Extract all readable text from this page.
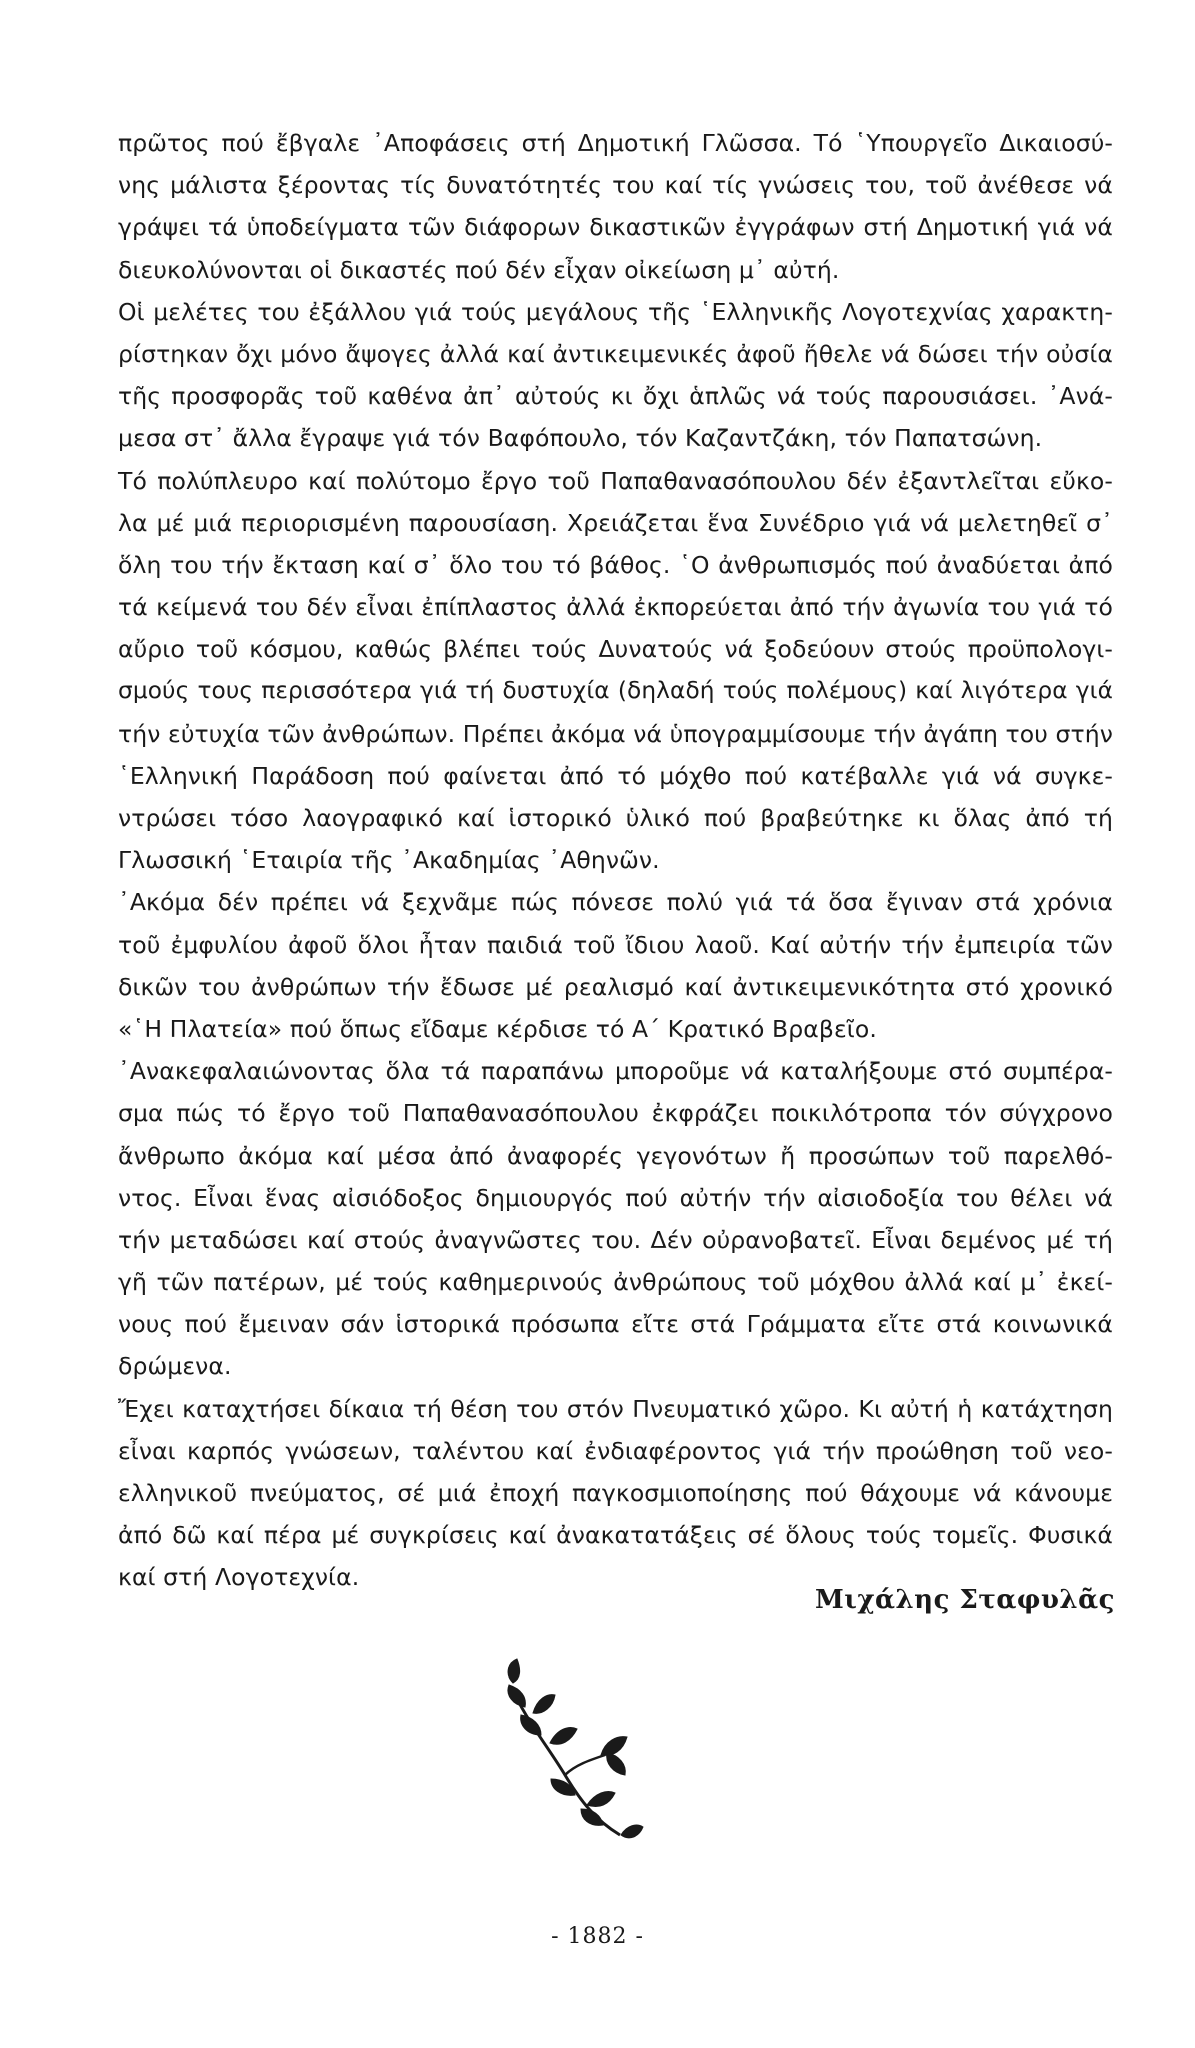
πρῶτος πού ἔβγαλε ᾿Αποφάσεις στή Δημοτική Γλῶσσα. Τό ῾Υπουργεῖο Δικαιοσύ-
νης μάλιστα ξέροντας τίς δυνατότητές του καί τίς γνώσεις του, τοῦ ἀνέθεσε νά
γράψει τά ὑποδείγματα τῶν διάφορων δικαστικῶν ἐγγράφων στή Δημοτική γιά νά
διευκολύνονται οἱ δικαστές πού δέν εἶχαν οἰκείωση μ᾿ αὐτή.
Οἱ μελέτες του ἐξάλλου γιά τούς μεγάλους τῆς ῾Ελληνικῆς Λογοτεχνίας χαρακτη-
ρίστηκαν ὄχι μόνο ἄψογες ἀλλά καί ἀντικειμενικές ἀφοῦ ἤθελε νά δώσει τήν οὐσία
τῆς προσφορᾶς τοῦ καθένα ἀπ᾿ αὐτούς κι ὄχι ἁπλῶς νά τούς παρουσιάσει. ᾿Ανά-
μεσα στ᾿ ἄλλα ἔγραψε γιά τόν Βαφόπουλο, τόν Καζαντζάκη, τόν Παπατσώνη.
Τό πολύπλευρο καί πολύτομο ἔργο τοῦ Παπαθανασόπουλου δέν ἐξαντλεῖται εὔκο-
λα μέ μιά περιορισμένη παρουσίαση. Χρειάζεται ἕνα Συνέδριο γιά νά μελετηθεῖ σ᾿
ὅλη του τήν ἔκταση καί σ᾿ ὅλο του τό βάθος. ῾Ο ἀνθρωπισμός πού ἀναδύεται ἀπό
τά κείμενά του δέν εἶναι ἐπίπλαστος ἀλλά ἐκπορεύεται ἀπό τήν ἀγωνία του γιά τό
αὔριο τοῦ κόσμου, καθώς βλέπει τούς Δυνατούς νά ξοδεύουν στούς προϋπολογι-
σμούς τους περισσότερα γιά τή δυστυχία (δηλαδή τούς πολέμους) καί λιγότερα γιά
τήν εὐτυχία τῶν ἀνθρώπων. Πρέπει ἀκόμα νά ὑπογραμμίσουμε τήν ἀγάπη του στήν
῾Ελληνική Παράδοση πού φαίνεται ἀπό τό μόχθο πού κατέβαλλε γιά νά συγκε-
ντρώσει τόσο λαογραφικό καί ἱστορικό ὑλικό πού βραβεύτηκε κι ὅλας ἀπό τή
Γλωσσική ῾Εταιρία τῆς ᾿Ακαδημίας ᾿Αθηνῶν.
᾿Ακόμα δέν πρέπει νά ξεχνᾶμε πώς πόνεσε πολύ γιά τά ὅσα ἔγιναν στά χρόνια
τοῦ ἐμφυλίου ἀφοῦ ὅλοι ἦταν παιδιά τοῦ ἴδιου λαοῦ. Καί αὐτήν τήν ἐμπειρία τῶν
δικῶν του ἀνθρώπων τήν ἔδωσε μέ ρεαλισμό καί ἀντικειμενικότητα στό χρονικό
«῾Η Πλατεία» πού ὅπως εἴδαμε κέρδισε τό Α΄ Κρατικό Βραβεῖο.
᾿Ανακεφαλαιώνοντας ὅλα τά παραπάνω μποροῦμε νά καταλήξουμε στό συμπέρα-
σμα πώς τό ἔργο τοῦ Παπαθανασόπουλου ἐκφράζει ποικιλότροπα τόν σύγχρονο
ἄνθρωπο ἀκόμα καί μέσα ἀπό ἀναφορές γεγονότων ἤ προσώπων τοῦ παρελθό-
ντος. Εἶναι ἕνας αἰσιόδοξος δημιουργός πού αὐτήν τήν αἰσιοδοξία του θέλει νά
τήν μεταδώσει καί στούς ἀναγνῶστες του. Δέν οὐρανοβατεῖ. Εἶναι δεμένος μέ τή
γῆ τῶν πατέρων, μέ τούς καθημερινούς ἀνθρώπους τοῦ μόχθου ἀλλά καί μ᾿ ἐκεί-
νους πού ἔμειναν σάν ἱστορικά πρόσωπα εἴτε στά Γράμματα εἴτε στά κοινωνικά
δρώμενα.
Ἔχει καταχτήσει δίκαια τή θέση του στόν Πνευματικό χῶρο. Κι αὐτή ἡ κατάχτηση
εἶναι καρπός γνώσεων, ταλέντου καί ἐνδιαφέροντος γιά τήν προώθηση τοῦ νεο-
ελληνικοῦ πνεύματος, σέ μιά ἐποχή παγκοσμιοποίησης πού θάχουμε νά κάνουμε
ἀπό δῶ καί πέρα μέ συγκρίσεις καί ἀνακατατάξεις σέ ὅλους τούς τομεῖς. Φυσικά
καί στή Λογοτεχνία.
Μιχάλης Σταφυλᾶς
- 1882 -
